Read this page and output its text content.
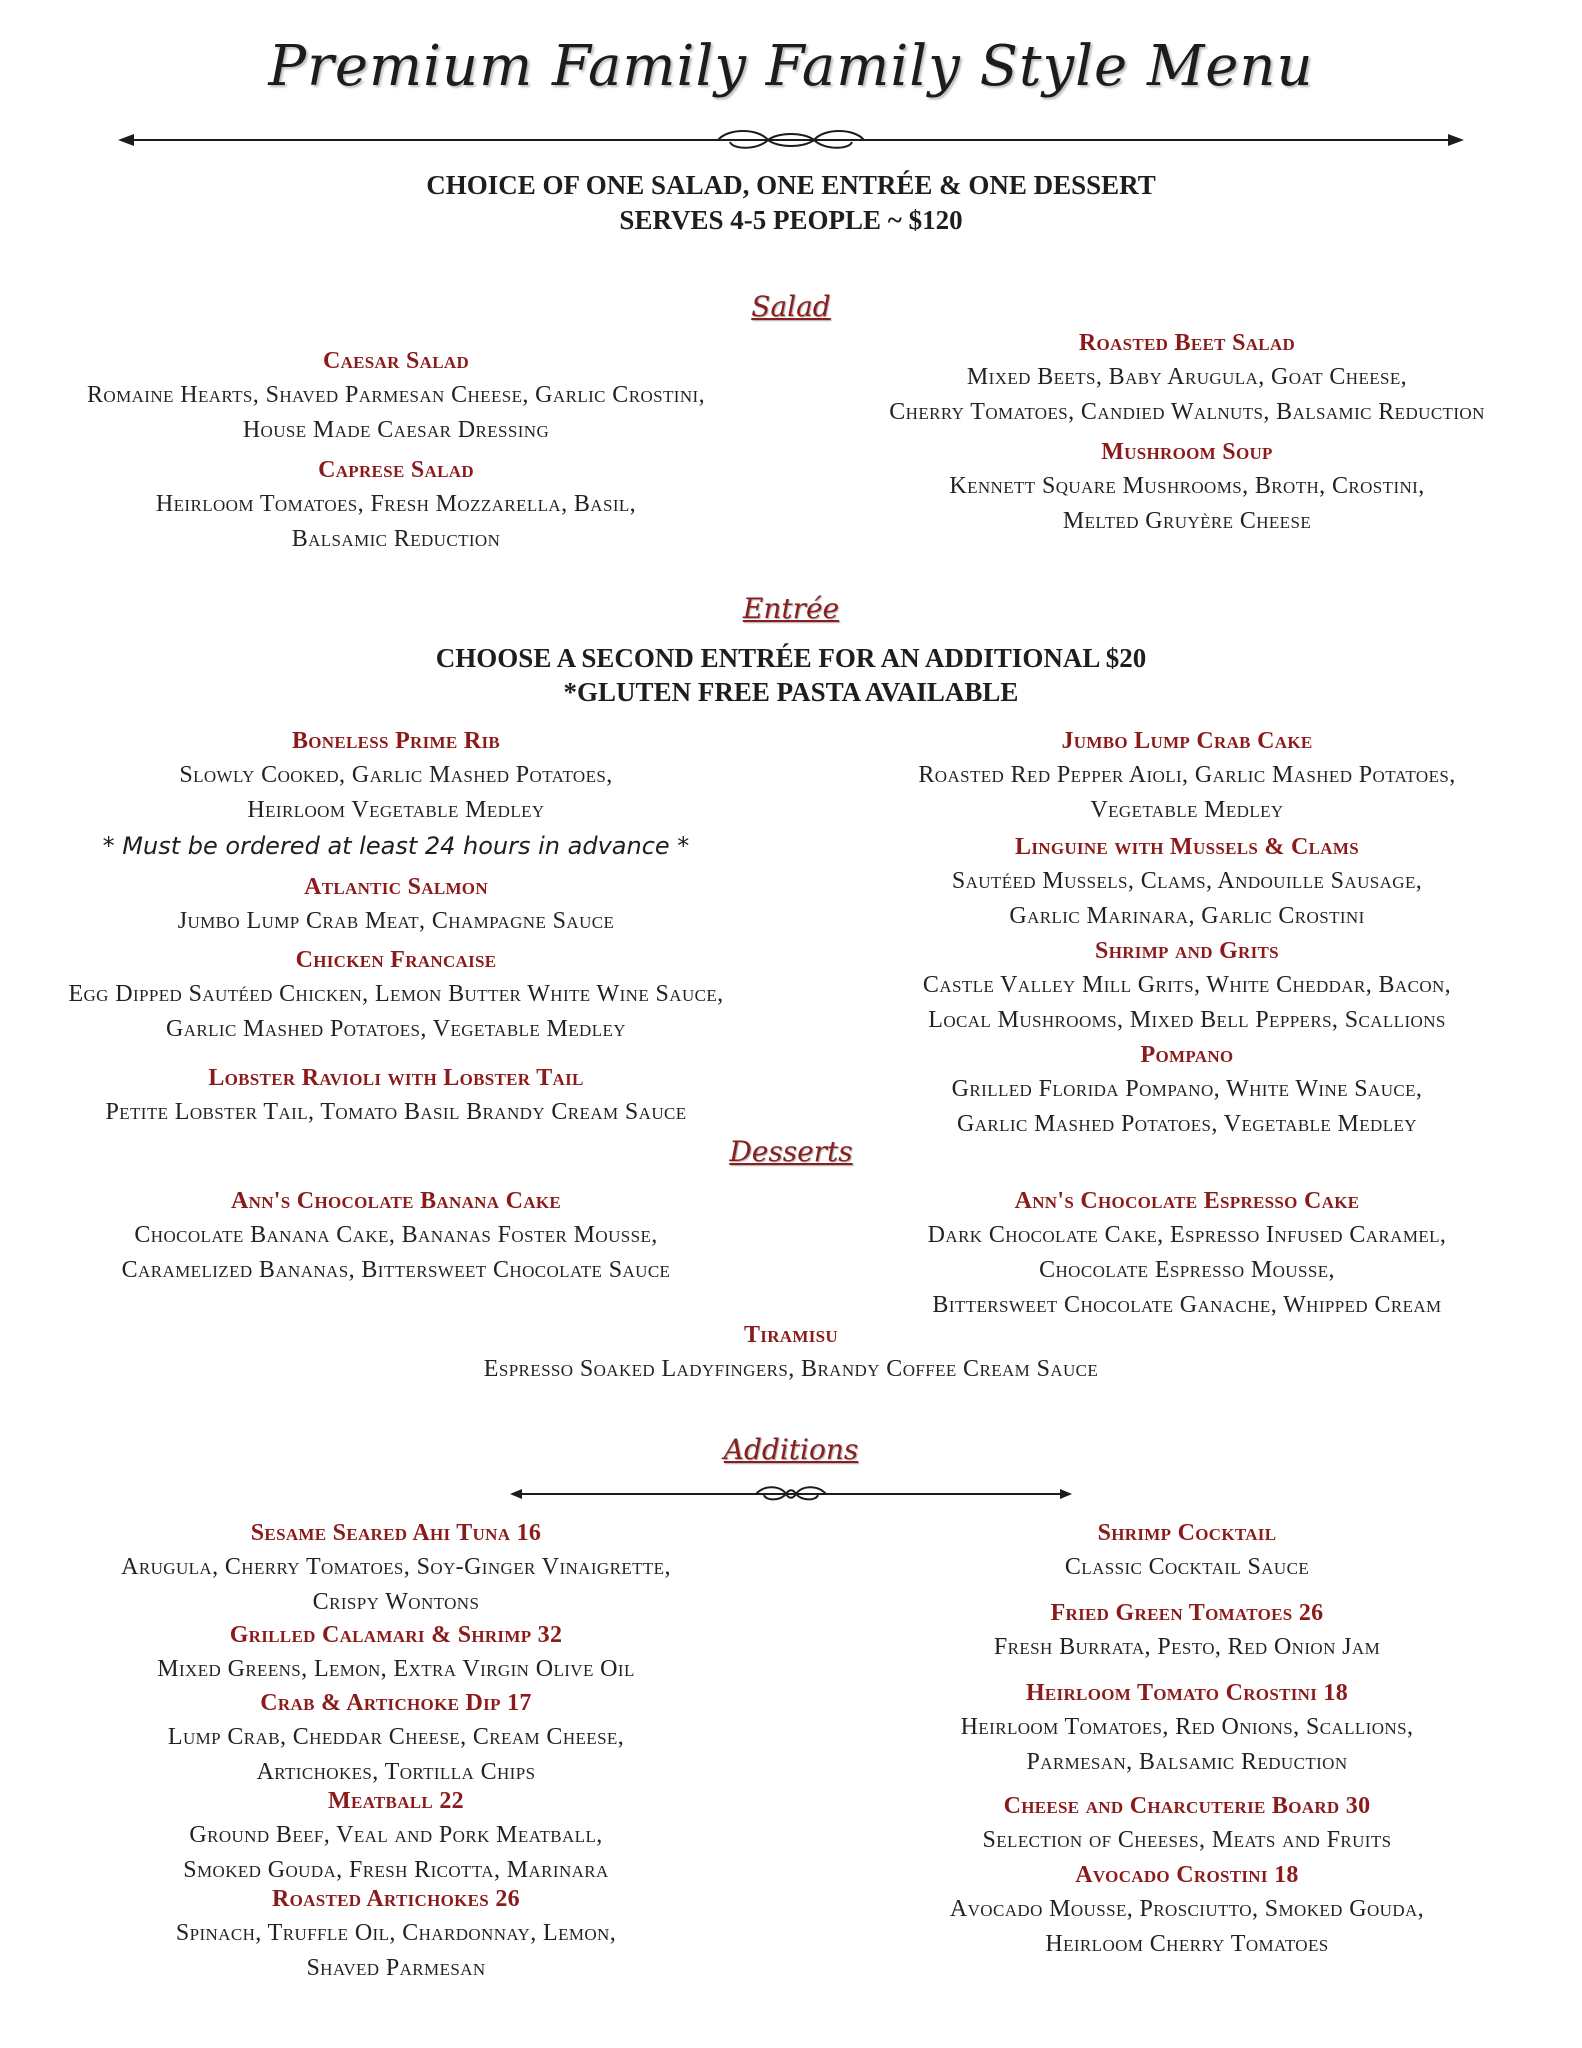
Premium Family Family Style Menu
CHOICE OF ONE SALAD, ONE ENTRÉE & ONE DESSERT
SERVES 4-5 PEOPLE ~ $120
Salad
Caesar Salad
Romaine Hearts, Shaved Parmesan Cheese, Garlic Crostini,
House Made Caesar Dressing
Caprese Salad
Heirloom Tomatoes, Fresh Mozzarella, Basil,
Balsamic Reduction
Roasted Beet Salad
Mixed Beets, Baby Arugula, Goat Cheese,
Cherry Tomatoes, Candied Walnuts, Balsamic Reduction
Mushroom Soup
Kennett Square Mushrooms, Broth, Crostini,
Melted Gruyère Cheese
Entrée
CHOOSE A SECOND ENTRÉE FOR AN ADDITIONAL $20
*GLUTEN FREE PASTA AVAILABLE
Boneless Prime Rib
Slowly Cooked, Garlic Mashed Potatoes,
Heirloom Vegetable Medley
* Must be ordered at least 24 hours in advance *
Atlantic Salmon
Jumbo Lump Crab Meat, Champagne Sauce
Chicken Francaise
Egg Dipped Sautéed Chicken, Lemon Butter White Wine Sauce,
Garlic Mashed Potatoes, Vegetable Medley
Lobster Ravioli with Lobster Tail
Petite Lobster Tail, Tomato Basil Brandy Cream Sauce
Jumbo Lump Crab Cake
Roasted Red Pepper Aioli, Garlic Mashed Potatoes,
Vegetable Medley
Linguine with Mussels & Clams
Sautéed Mussels, Clams, Andouille Sausage,
Garlic Marinara, Garlic Crostini
Shrimp and Grits
Castle Valley Mill Grits, White Cheddar, Bacon,
Local Mushrooms, Mixed Bell Peppers, Scallions
Pompano
Grilled Florida Pompano, White Wine Sauce,
Garlic Mashed Potatoes, Vegetable Medley
Desserts
Ann's Chocolate Banana Cake
Chocolate Banana Cake, Bananas Foster Mousse,
Caramelized Bananas, Bittersweet Chocolate Sauce
Ann's Chocolate Espresso Cake
Dark Chocolate Cake, Espresso Infused Caramel,
Chocolate Espresso Mousse,
Bittersweet Chocolate Ganache, Whipped Cream
Tiramisu
Espresso Soaked Ladyfingers, Brandy Coffee Cream Sauce
Additions
Sesame Seared Ahi Tuna 16
Arugula, Cherry Tomatoes, Soy-Ginger Vinaigrette,
Crispy Wontons
Grilled Calamari & Shrimp 32
Mixed Greens, Lemon, Extra Virgin Olive Oil
Crab & Artichoke Dip 17
Lump Crab, Cheddar Cheese, Cream Cheese,
Artichokes, Tortilla Chips
Meatball 22
Ground Beef, Veal and Pork Meatball,
Smoked Gouda, Fresh Ricotta, Marinara
Roasted Artichokes 26
Spinach, Truffle Oil, Chardonnay, Lemon,
Shaved Parmesan
Shrimp Cocktail
Classic Cocktail Sauce
Fried Green Tomatoes 26
Fresh Burrata, Pesto, Red Onion Jam
Heirloom Tomato Crostini 18
Heirloom Tomatoes, Red Onions, Scallions,
Parmesan, Balsamic Reduction
Cheese and Charcuterie Board 30
Selection of Cheeses, Meats and Fruits
Avocado Crostini 18
Avocado Mousse, Prosciutto, Smoked Gouda,
Heirloom Cherry Tomatoes
